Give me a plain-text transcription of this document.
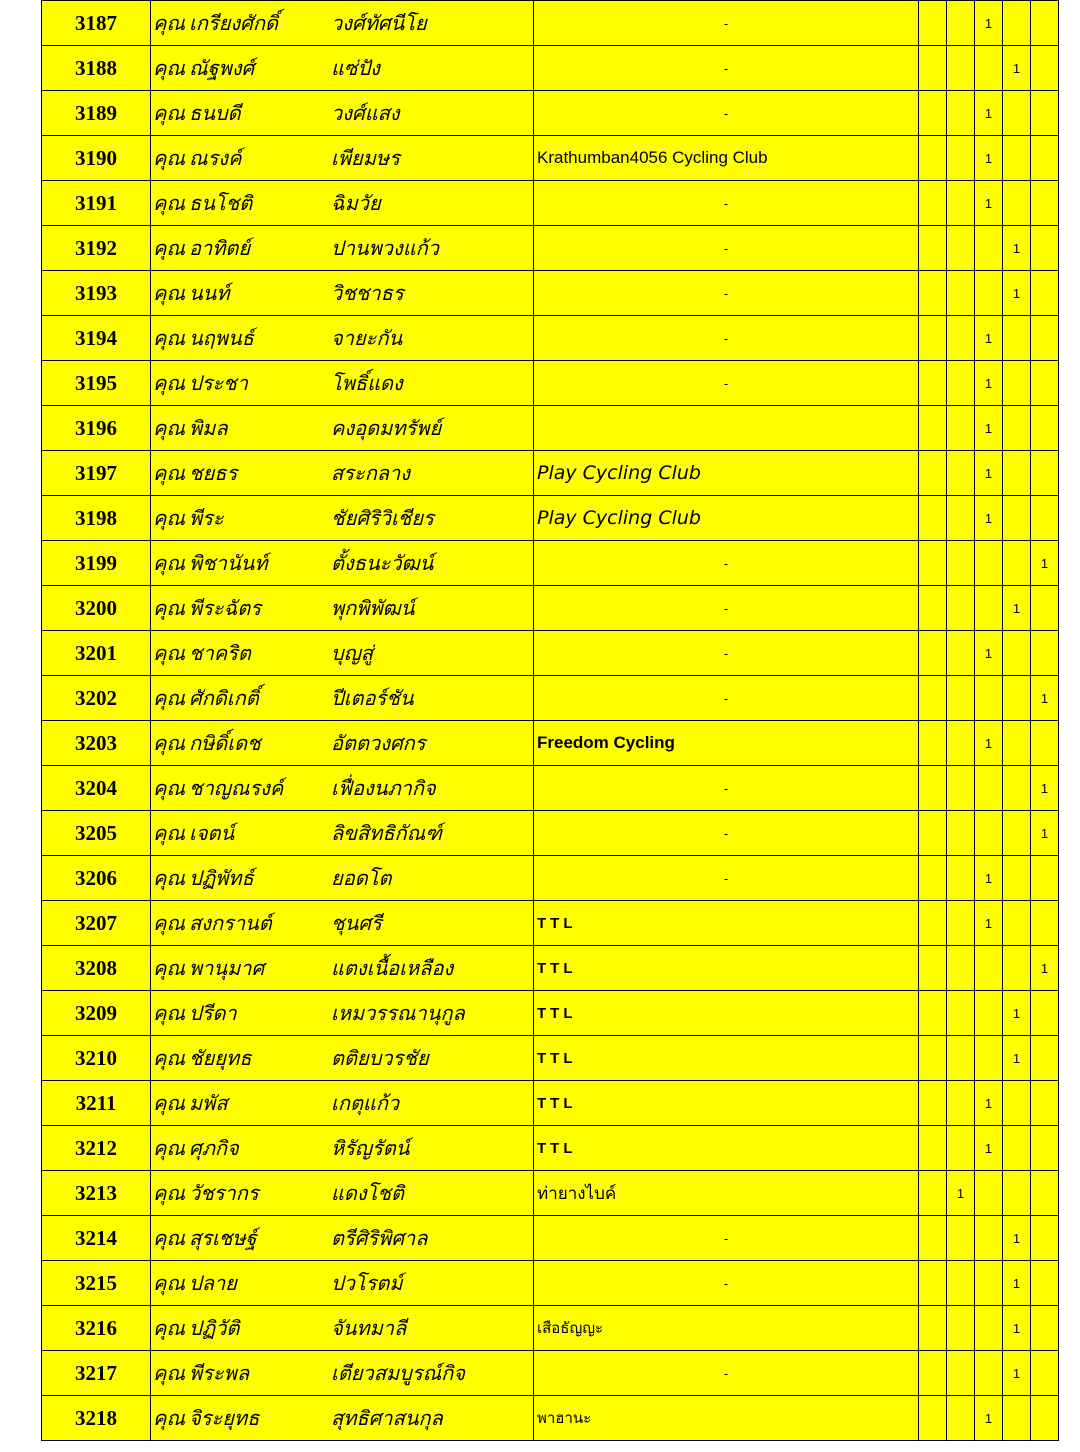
3187	คุณ เกรียงศักดิ์ วงศ์ทัศนีโย	-			1		
3188	คุณ ณัฐพงศ์ แซ่ปัง	-				1	
3189	คุณ ธนบดี วงศ์แสง	-			1		
3190	คุณ ณรงค์ เพียมษร	Krathumban4056 Cycling Club			1		
3191	คุณ ธนโชติ ฉิมวัย	-			1		
3192	คุณ อาทิตย์ ปานพวงแก้ว	-				1	
3193	คุณ นนท์ วิชชาธร	-				1	
3194	คุณ นฤพนธ์ จายะกัน	-			1		
3195	คุณ ประชา โพธิ์แดง	-			1		
3196	คุณ พิมล คงอุดมทรัพย์				1		
3197	คุณ ชยธร สระกลาง	Play Cycling Club			1		
3198	คุณ พีระ ชัยศิริวิเชียร	Play Cycling Club			1		
3199	คุณ พิชานันท์ ตั้งธนะวัฒน์	-					1
3200	คุณ พีระฉัตร พุกพิพัฒน์	-				1	
3201	คุณ ชาคริต บุญสู่	-			1		
3202	คุณ ศักดิเกติ์ ปีเตอร์ชัน	-					1
3203	คุณ กษิดิ์เดช อัตตวงศกร	Freedom Cycling			1		
3204	คุณ ชาญณรงค์ เฟื่องนภากิจ	-					1
3205	คุณ เจตน์ ลิขสิทธิกัณฑ์	-					1
3206	คุณ ปฏิพัทธ์ ยอดโต	-			1		
3207	คุณ สงกรานต์ ชุนศรี	TTL			1		
3208	คุณ พานุมาศ แตงเนื้อเหลือง	TTL					1
3209	คุณ ปรีดา เหมวรรณานุกูล	TTL				1	
3210	คุณ ชัยยุทธ ตติยบวรชัย	TTL				1	
3211	คุณ มพัส เกตุแก้ว	TTL			1		
3212	คุณ ศุภกิจ หิรัญรัตน์	TTL			1		
3213	คุณ วัชรากร แดงโชติ	ท่ายางไบค์		1			
3214	คุณ สุรเชษฐ์ ตรีศิริพิศาล	-				1	
3215	คุณ ปลาย ปวโรตม์	-				1	
3216	คุณ ปฏิวัติ จันทมาลี	เสือธัญญะ				1	
3217	คุณ พีระพล เตียวสมบูรณ์กิจ	-				1	
3218	คุณ จิระยุทธ สุทธิศาสนกุล	พาฮานะ			1		
